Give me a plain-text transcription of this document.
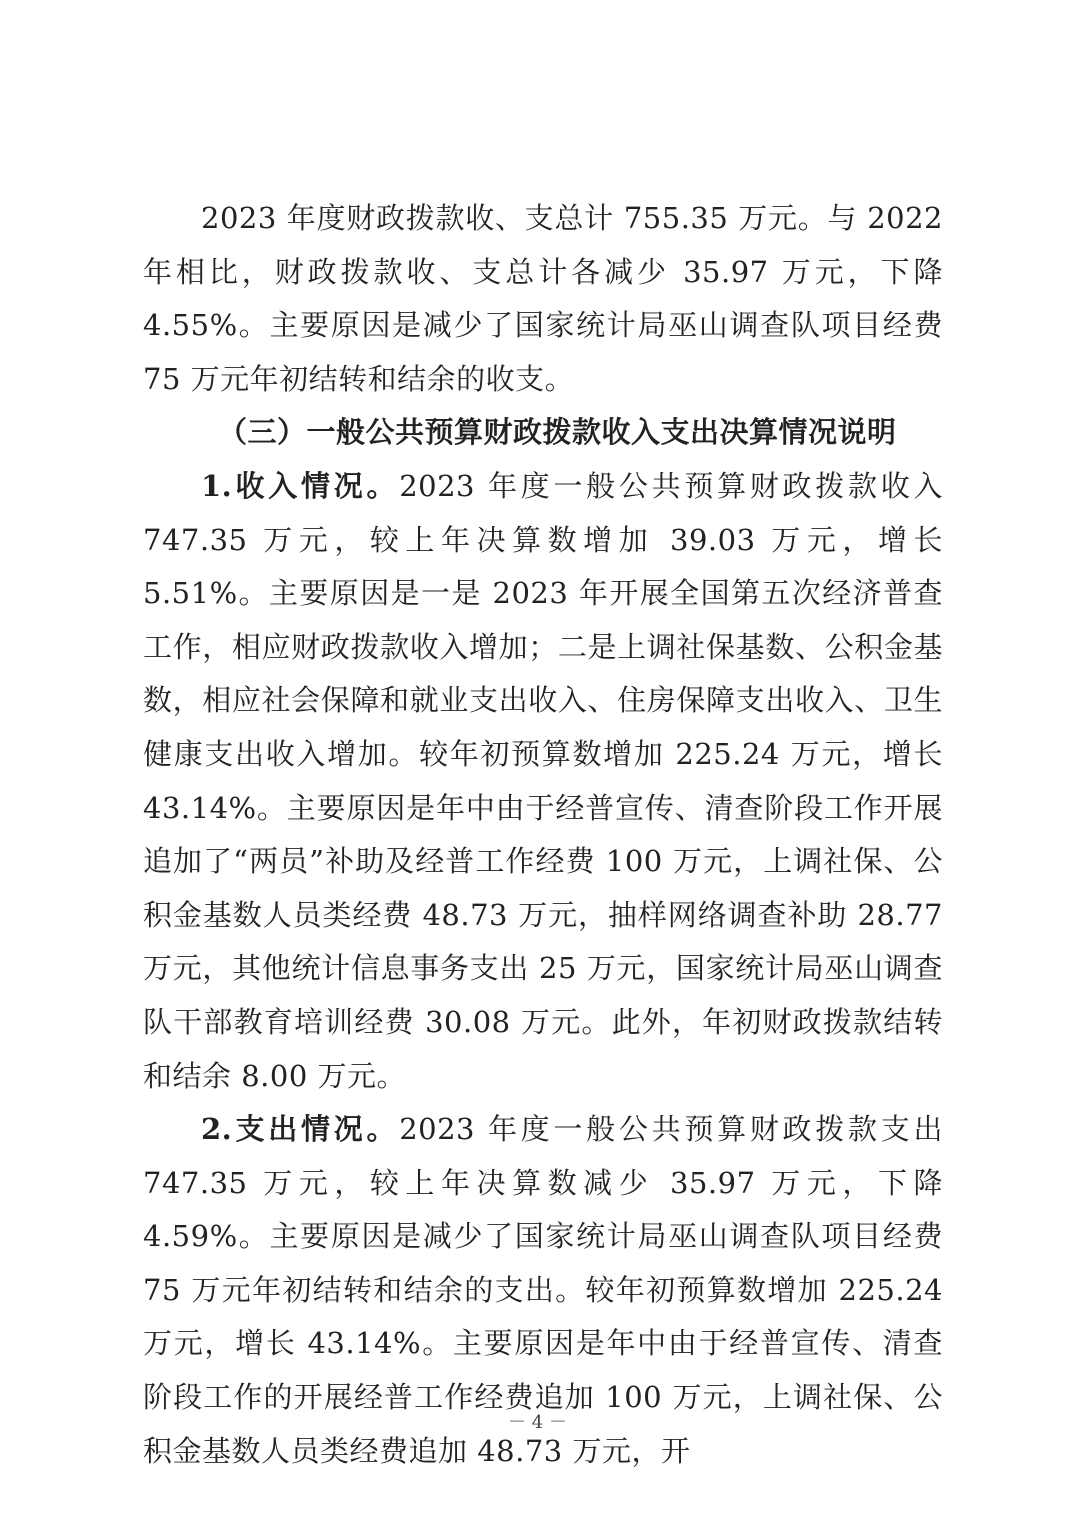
2023 年度财政拨款收、支总计 755.35 万元。与 2022 年相比，财政拨款收、支总计各减少 35.97 万元，下降 4.55%。主要原因是减少了国家统计局巫山调查队项目经费 75 万元年初结转和结余的收支。

（三）一般公共预算财政拨款收入支出决算情况说明

1.收入情况。2023 年度一般公共预算财政拨款收入 747.35 万元，较上年决算数增加 39.03 万元，增长 5.51%。主要原因是一是 2023 年开展全国第五次经济普查工作，相应财政拨款收入增加；二是上调社保基数、公积金基数，相应社会保障和就业支出收入、住房保障支出收入、卫生健康支出收入增加。较年初预算数增加 225.24 万元，增长 43.14%。主要原因是年中由于经普宣传、清查阶段工作开展追加了“两员”补助及经普工作经费 100 万元，上调社保、公积金基数人员类经费 48.73 万元，抽样网络调查补助 28.77 万元，其他统计信息事务支出 25 万元，国家统计局巫山调查队干部教育培训经费 30.08 万元。此外，年初财政拨款结转和结余 8.00 万元。

2.支出情况。2023 年度一般公共预算财政拨款支出 747.35 万元，较上年决算数减少 35.97 万元，下降 4.59%。主要原因是减少了国家统计局巫山调查队项目经费 75 万元年初结转和结余的支出。较年初预算数增加 225.24 万元，增长 43.14%。主要原因是年中由于经普宣传、清查阶段工作的开展经普工作经费追加 100 万元，上调社保、公积金基数人员类经费追加 48.73 万元，开

－ 4 －
